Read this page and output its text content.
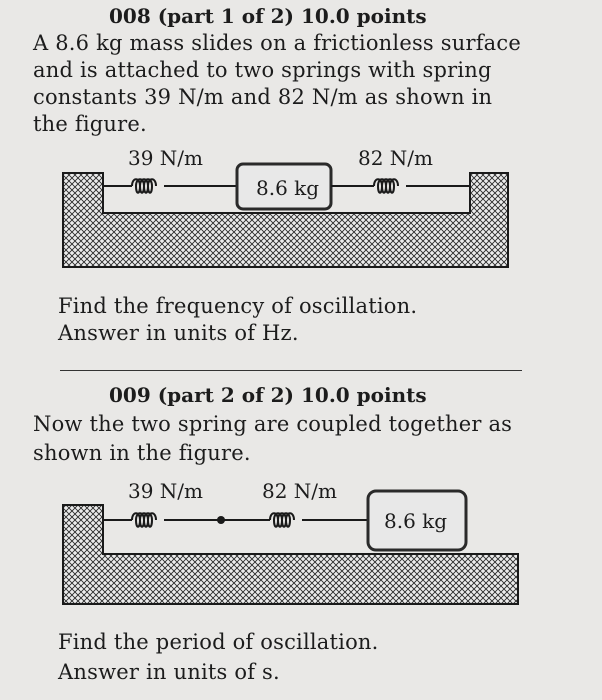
008 (part 1 of 2) 10.0 points
A 8.6 kg mass slides on a frictionless surface
and is attached to two springs with spring
constants 39 N/m and 82 N/m as shown in
the figure.
39 N/m	82 N/m
8.6 kg
Find the frequency of oscillation.
Answer in units of Hz.
009 (part 2 of 2) 10.0 points
Now the two spring are coupled together as
shown in the figure.
39 N/m	82 N/m
8.6 kg
Find the period of oscillation.
Answer in units of s.
